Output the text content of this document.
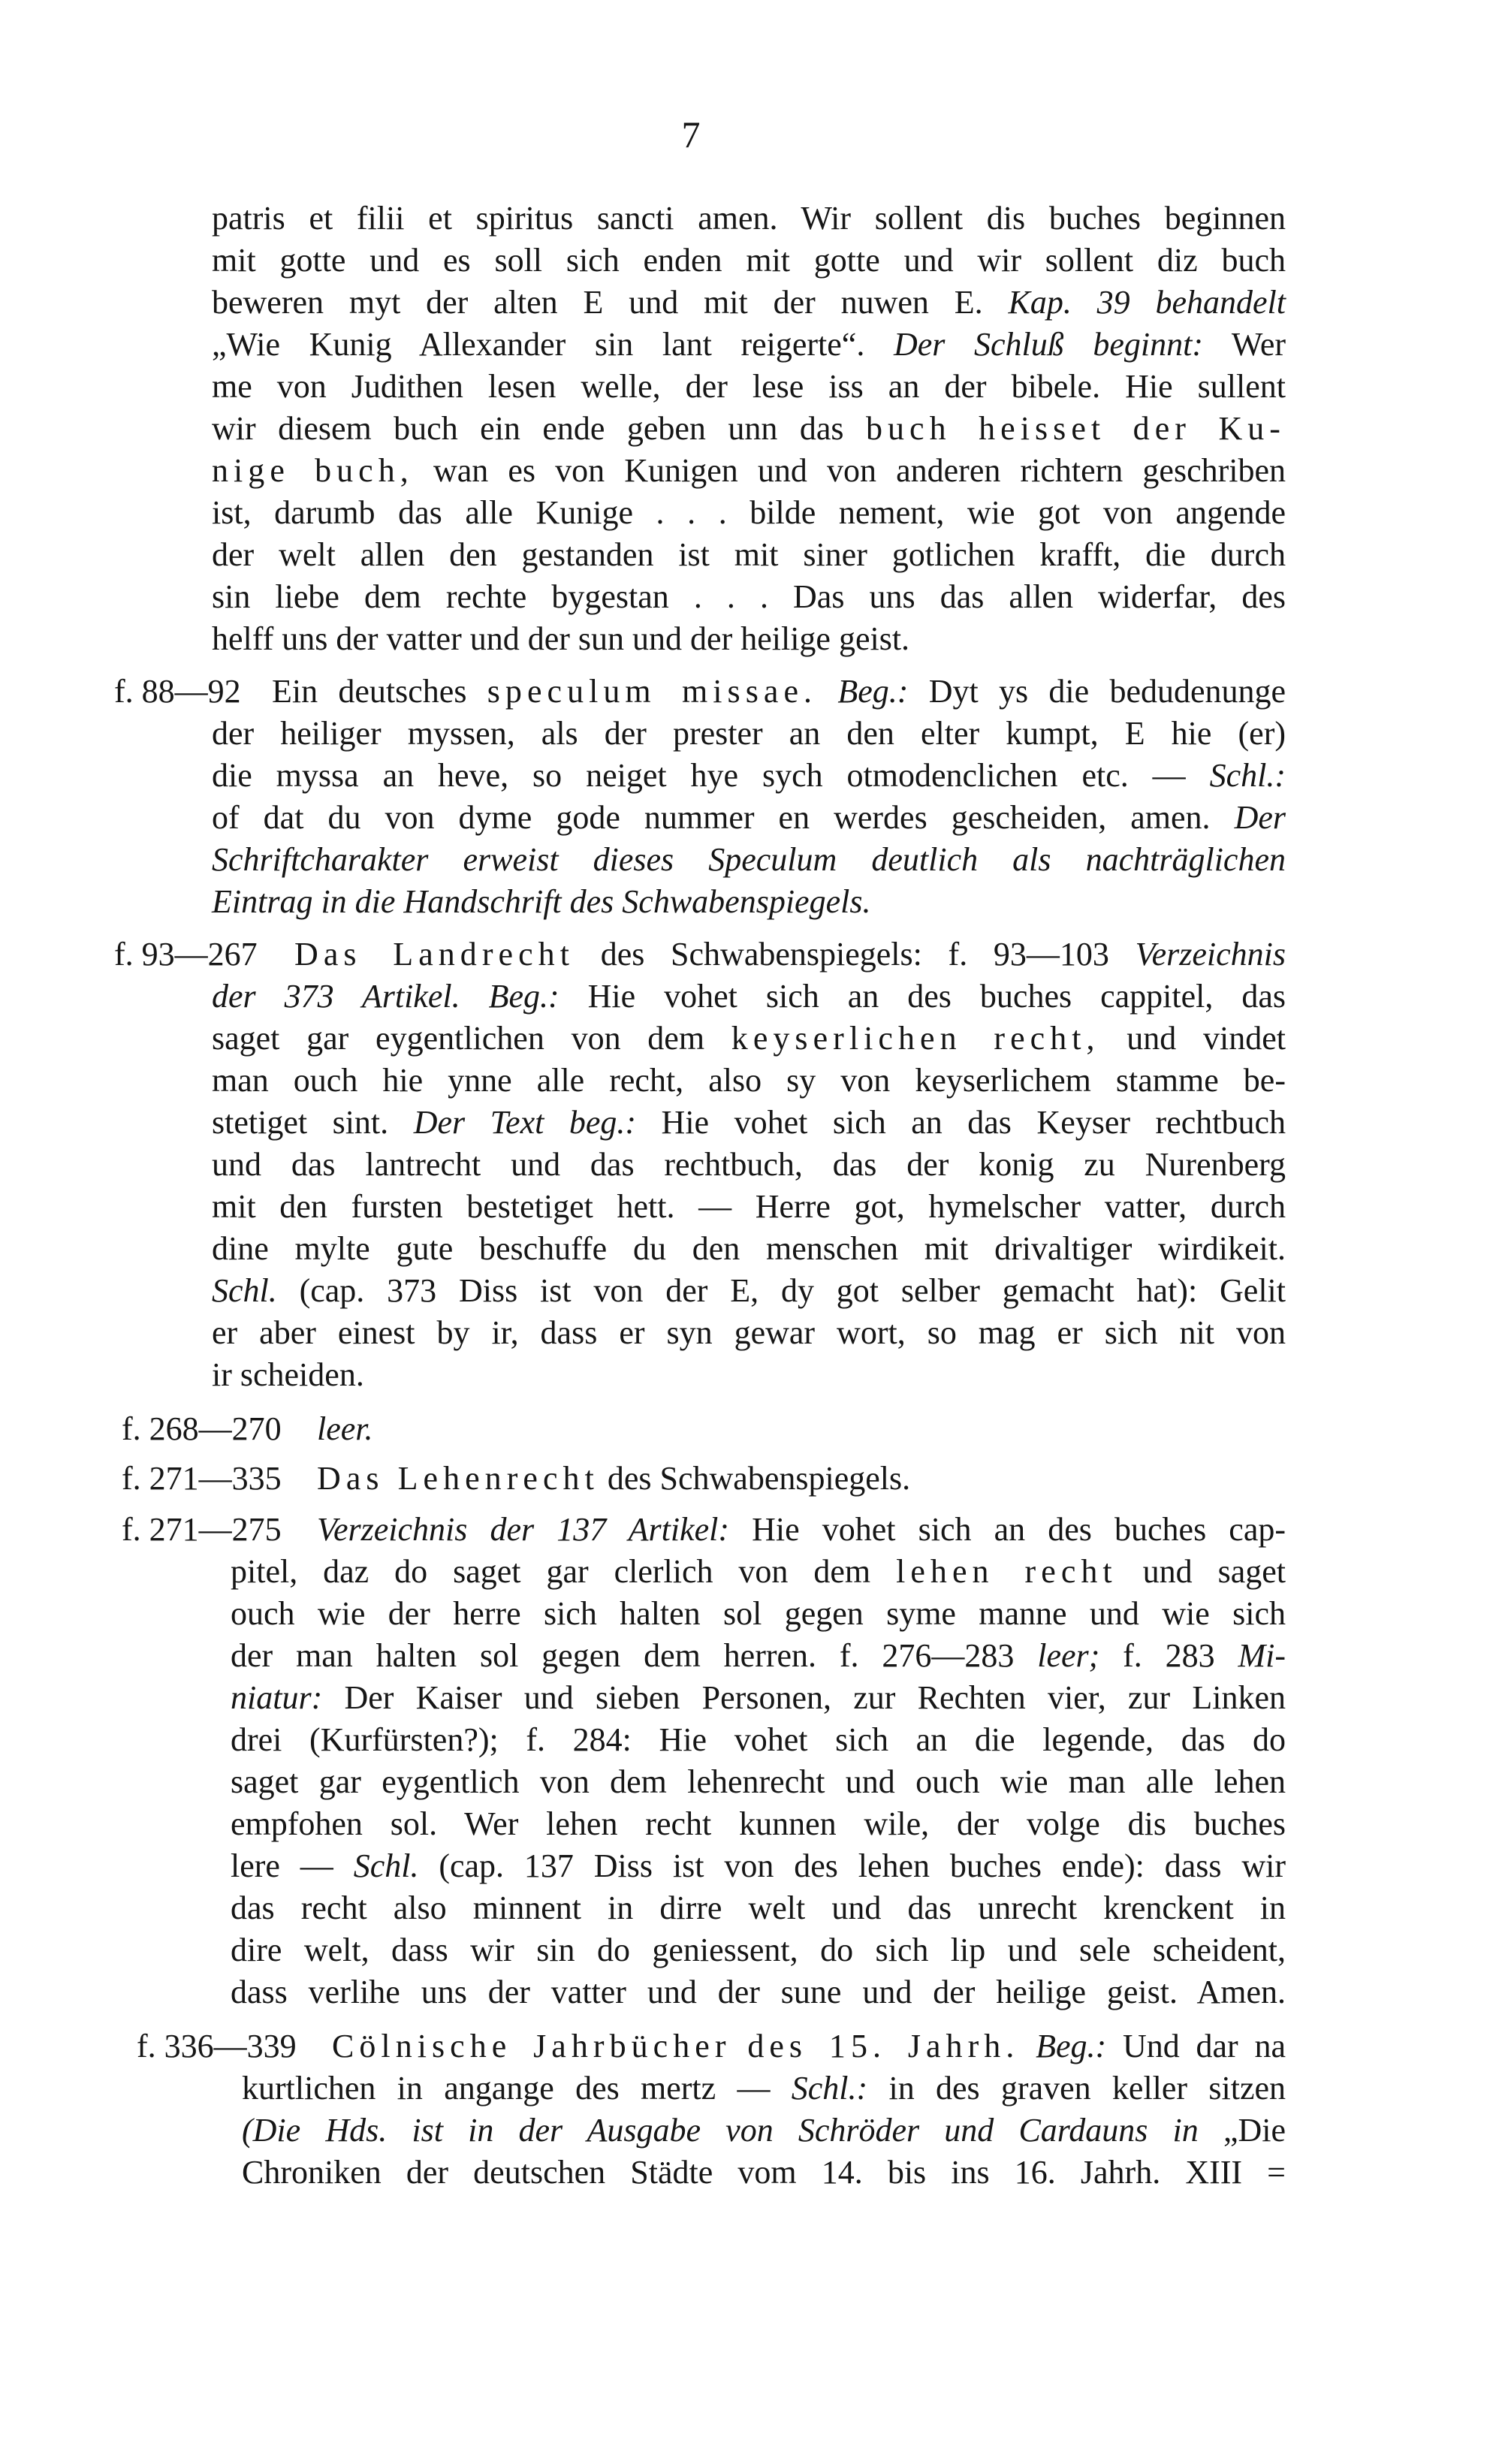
7
patris et filii et spiritus sancti amen. Wir sollent dis buches beginnen
mit gotte und es soll sich enden mit gotte und wir sollent diz buch
beweren myt der alten E und mit der nuwen E. Kap. 39 behandelt
„Wie Kunig Allexander sin lant reigerte“. Der Schluß beginnt: Wer
me von Judithen lesen welle, der lese iss an der bibele. Hie sullent
wir diesem buch ein ende geben unn das buch heisset der Ku-
nige buch, wan es von Kunigen und von anderen richtern geschriben
ist, darumb das alle Kunige . . . bilde nement, wie got von angende
der welt allen den gestanden ist mit siner gotlichen krafft, die durch
sin liebe dem rechte bygestan . . . Das uns das allen widerfar, des
helff uns der vatter und der sun und der heilige geist.
f. 88—92 Ein deutsches speculum missae. Beg.: Dyt ys die bedudenunge
der heiliger myssen, als der prester an den elter kumpt, E hie (er)
die myssa an heve, so neiget hye sych otmodenclichen etc. — Schl.:
of dat du von dyme gode nummer en werdes gescheiden, amen. Der
Schriftcharakter erweist dieses Speculum deutlich als nachträglichen
Eintrag in die Handschrift des Schwabenspiegels.
f. 93—267 Das Landrecht des Schwabenspiegels: f. 93—103 Verzeichnis
der 373 Artikel. Beg.: Hie vohet sich an des buches cappitel, das
saget gar eygentlichen von dem keyserlichen recht, und vindet
man ouch hie ynne alle recht, also sy von keyserlichem stamme be-
stetiget sint. Der Text beg.: Hie vohet sich an das Keyser rechtbuch
und das lantrecht und das rechtbuch, das der konig zu Nurenberg
mit den fursten bestetiget hett. — Herre got, hymelscher vatter, durch
dine mylte gute beschuffe du den menschen mit drivaltiger wirdikeit.
Schl. (cap. 373 Diss ist von der E, dy got selber gemacht hat): Gelit
er aber einest by ir, dass er syn gewar wort, so mag er sich nit von
ir scheiden.
f. 268—270 leer.
f. 271—335 Das Lehenrecht des Schwabenspiegels.
f. 271—275 Verzeichnis der 137 Artikel: Hie vohet sich an des buches cap-
pitel, daz do saget gar clerlich von dem lehen recht und saget
ouch wie der herre sich halten sol gegen syme manne und wie sich
der man halten sol gegen dem herren. f. 276—283 leer; f. 283 Mi-
niatur: Der Kaiser und sieben Personen, zur Rechten vier, zur Linken
drei (Kurfürsten?); f. 284: Hie vohet sich an die legende, das do
saget gar eygentlich von dem lehenrecht und ouch wie man alle lehen
empfohen sol. Wer lehen recht kunnen wile, der volge dis buches
lere — Schl. (cap. 137 Diss ist von des lehen buches ende): dass wir
das recht also minnent in dirre welt und das unrecht krenckent in
dire welt, dass wir sin do geniessent, do sich lip und sele scheident,
dass verlihe uns der vatter und der sune und der heilige geist. Amen.
f. 336—339 Cölnische Jahrbücher des 15. Jahrh. Beg.: Und dar na
kurtlichen in angange des mertz — Schl.: in des graven keller sitzen
(Die Hds. ist in der Ausgabe von Schröder und Cardauns in „Die
Chroniken der deutschen Städte vom 14. bis ins 16. Jahrh. XIII =
